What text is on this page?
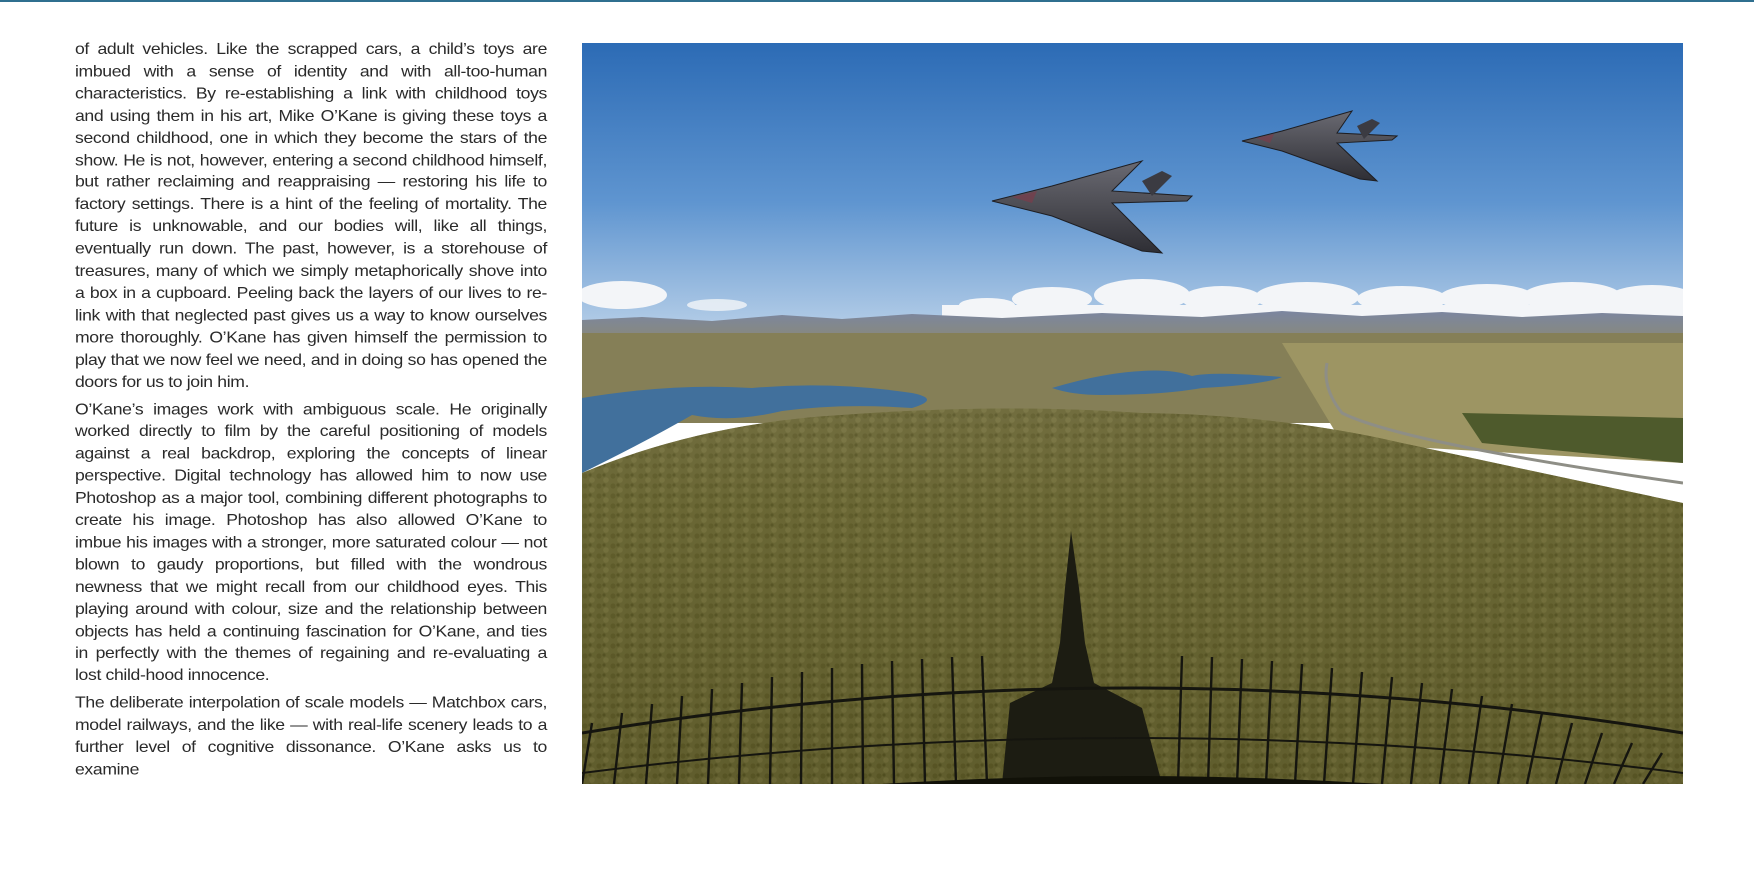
of adult vehicles. Like the scrapped cars, a child’s toys are imbued with a sense of identity and with all-too-human characteristics. By re-establishing a link with childhood toys and using them in his art, Mike O’Kane is giving these toys a second childhood, one in which they become the stars of the show. He is not, however, entering a second childhood himself, but rather reclaiming and reappraising — restoring his life to factory settings. There is a hint of the feeling of mortality. The future is unknowable, and our bodies will, like all things, eventually run down. The past, however, is a storehouse of treasures, many of which we simply metaphorically shove into a box in a cupboard. Peeling back the layers of our lives to re-link with that neglected past gives us a way to know ourselves more thoroughly. O’Kane has given himself the permission to play that we now feel we need, and in doing so has opened the doors for us to join him.

O’Kane’s images work with ambiguous scale. He originally worked directly to film by the careful positioning of models against a real backdrop, exploring the concepts of linear perspective. Digital technology has allowed him to now use Photoshop as a major tool, combining different photographs to create his image. Photoshop has also allowed O’Kane to imbue his images with a stronger, more saturated colour — not blown to gaudy proportions, but filled with the wondrous newness that we might recall from our childhood eyes. This playing around with colour, size and the relationship between objects has held a continuing fascination for O’Kane, and ties in perfectly with the themes of regaining and re-evaluating a lost child-hood innocence.

The deliberate interpolation of scale models — Matchbox cars, model railways, and the like — with real-life scenery leads to a further level of cognitive dissonance. O’Kane asks us to examine
